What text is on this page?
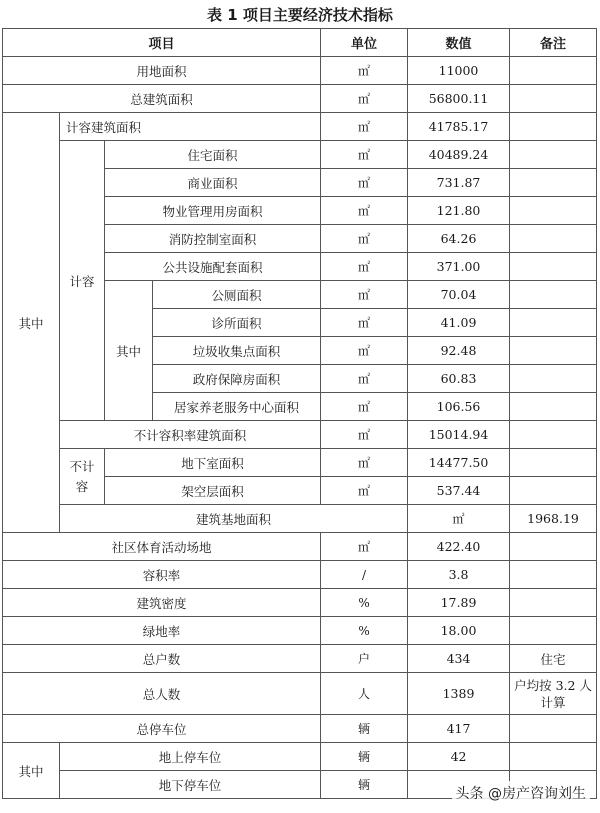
表 1 项目主要经济技术指标
项目				单位	数值	备注	
用地面积				㎡	11000		
总建筑面积				㎡	56800.11		
其中	计容建筑面积			㎡	41785.17		
	计容	住宅面积		㎡	40489.24		
		商业面积		㎡	731.87		
		物业管理用房面积		㎡	121.80		
		消防控制室面积		㎡	64.26		
		公共设施配套面积		㎡	371.00		
		其中	公厕面积	㎡	70.04		
			诊所面积	㎡	41.09		
			垃圾收集点面积	㎡	92.48		
			政府保障房面积	㎡	60.83		
			居家养老服务中心面积	㎡	106.56		
	不计容积率建筑面积			㎡	15014.94		
	不计容	地下室面积		㎡	14477.50		
		架空层面积		㎡	537.44		
	建筑基地面积				㎡	1968.19	
社区体育活动场地				㎡	422.40		
容积率				/	3.8		
建筑密度				%	17.89		
绿地率				%	18.00		
总户数				户	434	住宅	
总人数				人	1389	户均按 3.2 人计算	
总停车位				辆	417		
其中	地上停车位			辆	42		
	地下停车位			辆			
头条 @房产咨询刘生
